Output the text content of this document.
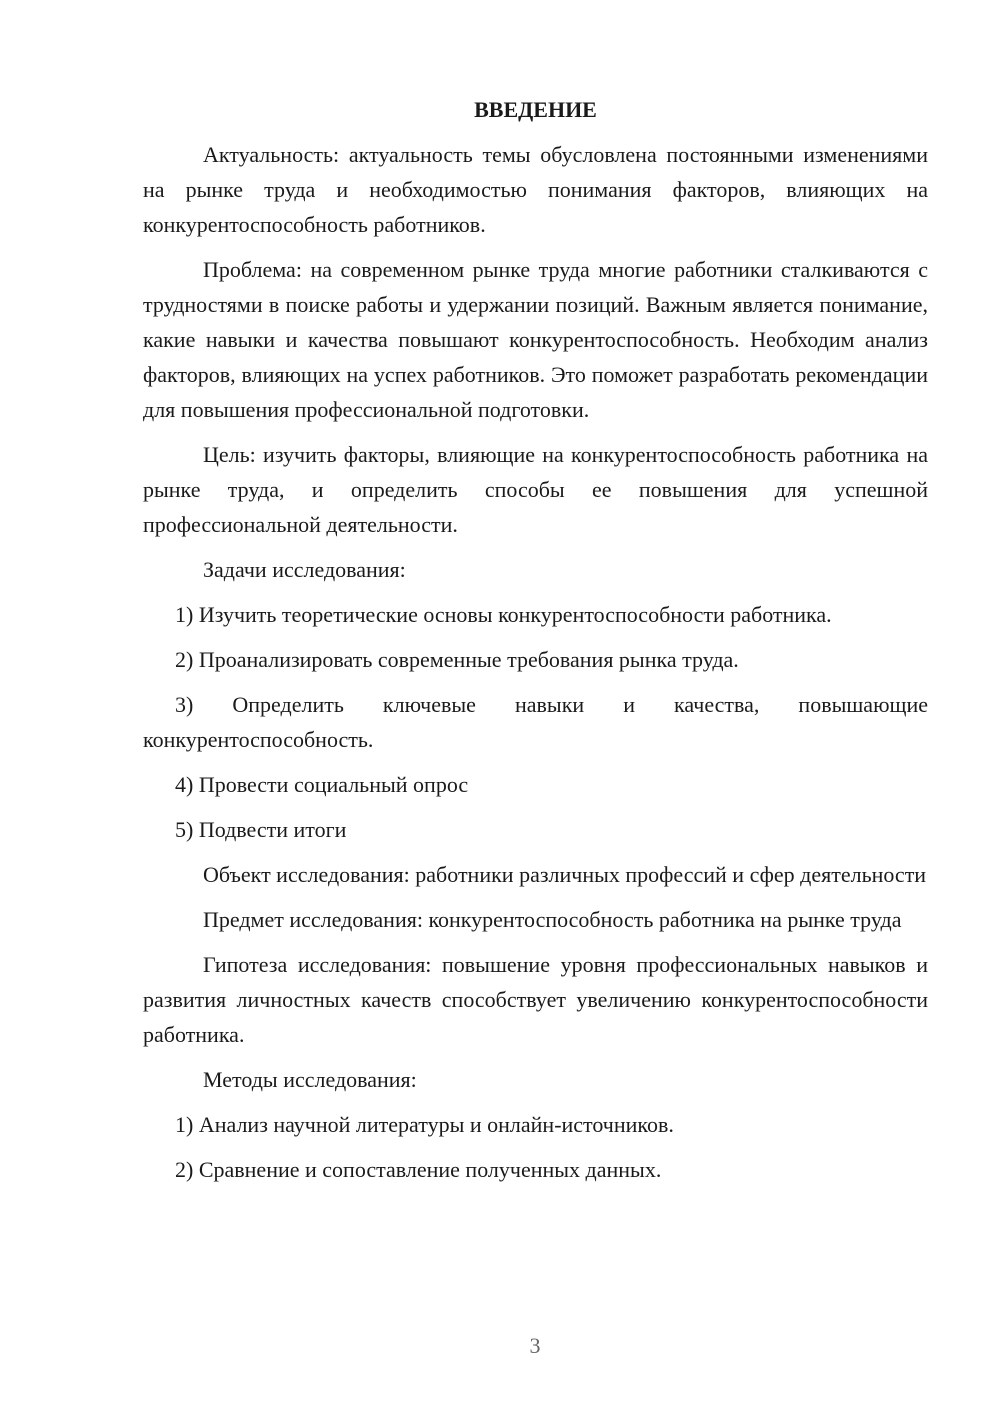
ВВЕДЕНИЕ

Актуальность: актуальность темы обусловлена постоянными изменениями на рынке труда и необходимостью понимания факторов, влияющих на конкурентоспособность работников.

Проблема: на современном рынке труда многие работники сталкиваются с трудностями в поиске работы и удержании позиций. Важным является понимание, какие навыки и качества повышают конкурентоспособность. Необходим анализ факторов, влияющих на успех работников. Это поможет разработать рекомендации для повышения профессиональной подготовки.

Цель: изучить факторы, влияющие на конкурентоспособность работника на рынке труда, и определить способы ее повышения для успешной профессиональной деятельности.

Задачи исследования:

1) Изучить теоретические основы конкурентоспособности работника.

2) Проанализировать современные требования рынка труда.

3) Определить ключевые навыки и качества, повышающие конкурентоспособность.

4) Провести социальный опрос

5) Подвести итоги

Объект исследования: работники различных профессий и сфер деятельности

Предмет исследования: конкурентоспособность работника на рынке труда

Гипотеза исследования: повышение уровня профессиональных навыков и развития личностных качеств способствует увеличению конкурентоспособности работника.

Методы исследования:

1) Анализ научной литературы и онлайн-источников.

2) Сравнение и сопоставление полученных данных.

3
